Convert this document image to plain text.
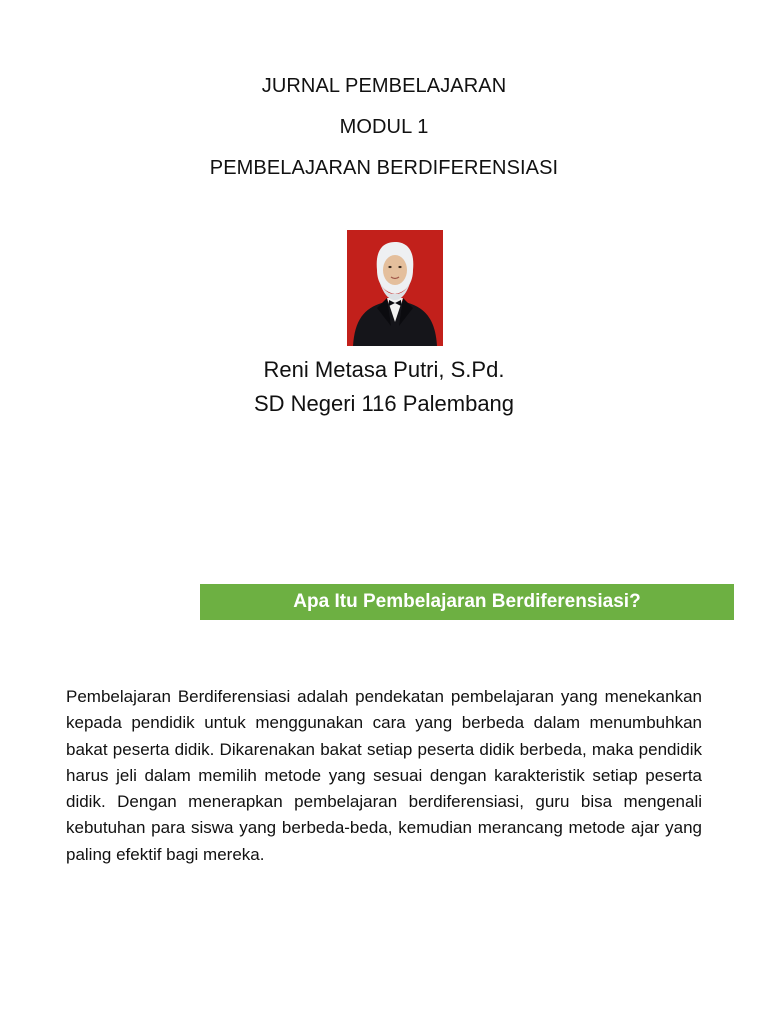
JURNAL PEMBELAJARAN

MODUL 1

PEMBELAJARAN BERDIFERENSIASI

Reni Metasa Putri, S.Pd.

SD Negeri 116 Palembang

Apa Itu Pembelajaran Berdiferensiasi?

Pembelajaran Berdiferensiasi adalah pendekatan pembelajaran yang menekankan kepada pendidik untuk menggunakan cara yang berbeda dalam menumbuhkan bakat peserta didik. Dikarenakan bakat setiap peserta didik berbeda, maka pendidik harus jeli dalam memilih metode yang sesuai dengan karakteristik setiap peserta didik. Dengan menerapkan pembelajaran berdiferensiasi, guru bisa mengenali kebutuhan para siswa yang berbeda-beda, kemudian merancang metode ajar yang paling efektif bagi mereka.
